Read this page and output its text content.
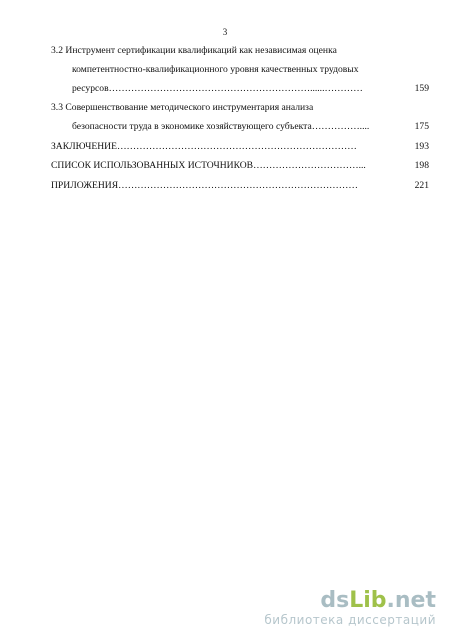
3
3.2 Инструмент сертификации квалификаций как независимая оценка
компетентностно-квалификационного уровня качественных трудовых
ресурсов………………………………………………………......…………	159
3.3 Совершенствование методического инструментария анализа
безопасности труда в экономике хозяйствующего субъекта……………....	175
ЗАКЛЮЧЕНИЕ…………………………………………………………………	193
СПИСОК ИСПОЛЬЗОВАННЫХ ИСТОЧНИКОВ……………………………...	198
ПРИЛОЖЕНИЯ…………………………………………………………………	221
dsLib.net
библиотека диссертаций
